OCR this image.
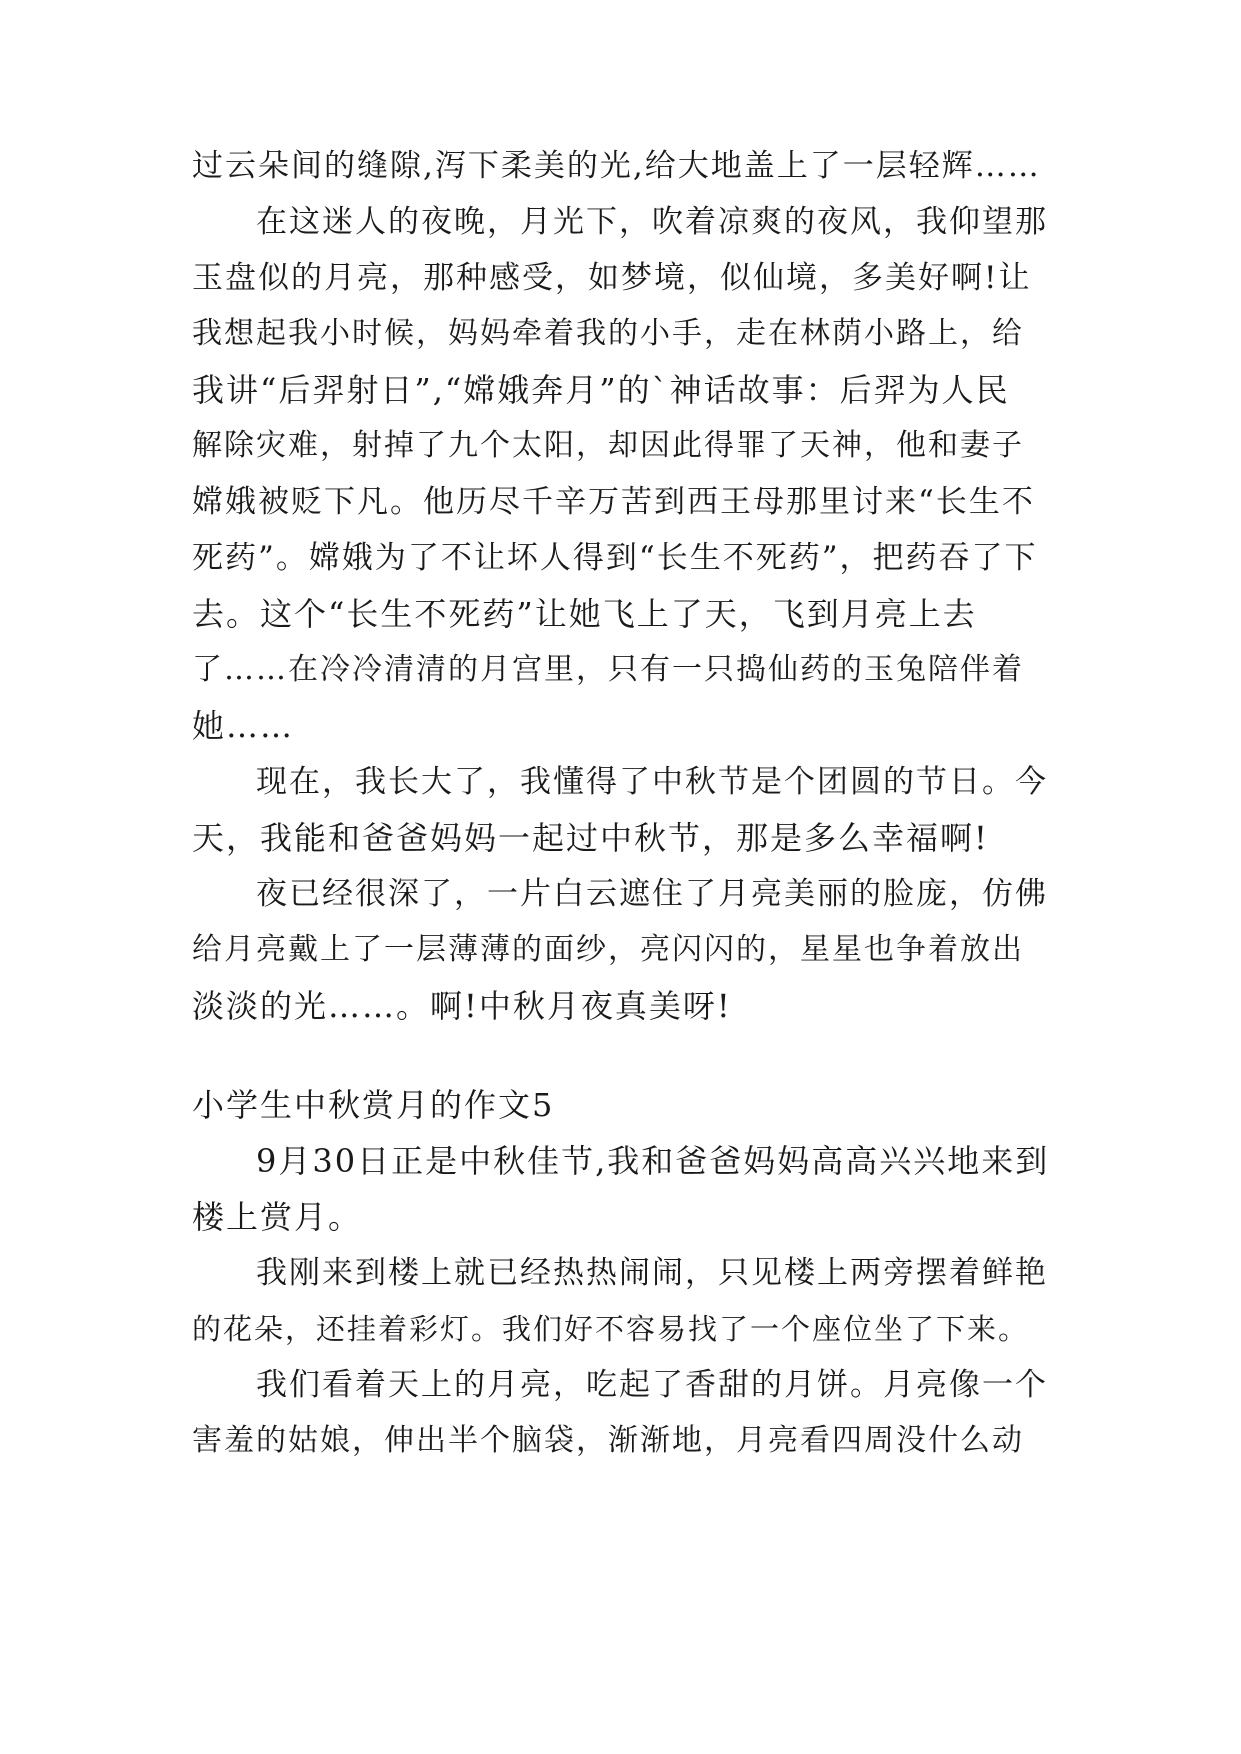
过云朵间的缝隙,泻下柔美的光,给大地盖上了一层轻辉……
在这迷人的夜晚，月光下，吹着凉爽的夜风，我仰望那
玉盘似的月亮，那种感受，如梦境，似仙境，多美好啊!让
我想起我小时候，妈妈牵着我的小手，走在林荫小路上，给
我讲“后羿射日”,“嫦娥奔月”的`神话故事：后羿为人民
解除灾难，射掉了九个太阳，却因此得罪了天神，他和妻子
嫦娥被贬下凡。他历尽千辛万苦到西王母那里讨来“长生不
死药”。嫦娥为了不让坏人得到“长生不死药”，把药吞了下
去。这个“长生不死药”让她飞上了天，飞到月亮上去
了……在冷冷清清的月宫里，只有一只捣仙药的玉兔陪伴着
她……
现在，我长大了，我懂得了中秋节是个团圆的节日。今
天，我能和爸爸妈妈一起过中秋节，那是多么幸福啊!
夜已经很深了，一片白云遮住了月亮美丽的脸庞，仿佛
给月亮戴上了一层薄薄的面纱，亮闪闪的，星星也争着放出
淡淡的光……。啊!中秋月夜真美呀!
小学生中秋赏月的作文5
9月30日正是中秋佳节,我和爸爸妈妈高高兴兴地来到
楼上赏月。
我刚来到楼上就已经热热闹闹，只见楼上两旁摆着鲜艳
的花朵，还挂着彩灯。我们好不容易找了一个座位坐了下来。
我们看着天上的月亮，吃起了香甜的月饼。月亮像一个
害羞的姑娘，伸出半个脑袋，渐渐地，月亮看四周没什么动
